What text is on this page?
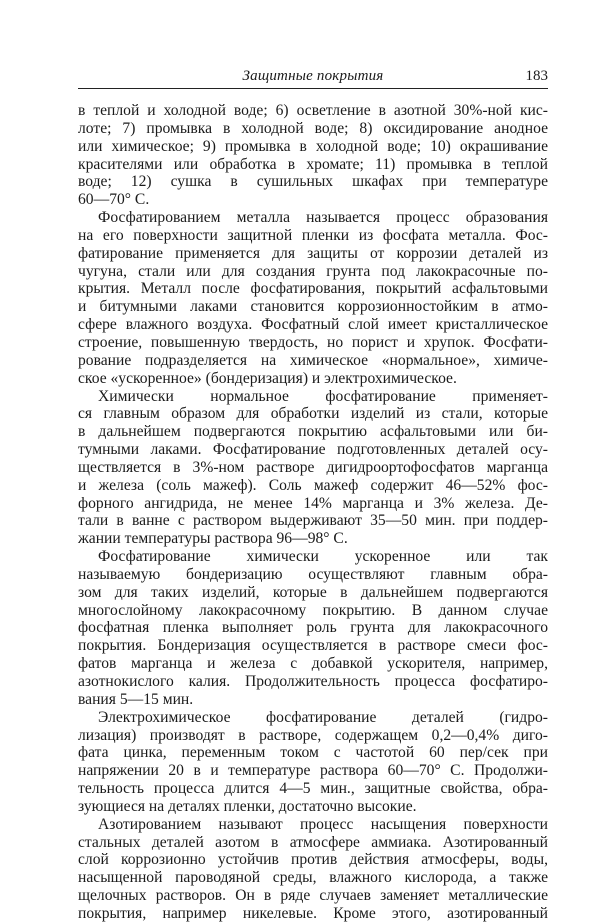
Защитные покрытия	183
в теплой и холодной воде; 6) осветление в азотной 30%-ной кис-
лоте; 7) промывка в холодной воде; 8) оксидирование анодное
или химическое; 9) промывка в холодной воде; 10) окрашивание
красителями или обработка в хромате; 11) промывка в теплой
воде; 12) сушка в сушильных шкафах при температуре
60—70° С.
Фосфатированием металла называется процесс образования
на его поверхности защитной пленки из фосфата металла. Фос-
фатирование применяется для защиты от коррозии деталей из
чугуна, стали или для создания грунта под лакокрасочные по-
крытия. Металл после фосфатирования, покрытий асфальтовыми
и битумными лаками становится коррозионностойким в атмо-
сфере влажного воздуха. Фосфатный слой имеет кристаллическое
строение, повышенную твердость, но порист и хрупок. Фосфати-
рование подразделяется на химическое «нормальное», химиче-
ское «ускоренное» (бондеризация) и электрохимическое.
Химически нормальное фосфатирование применяет-
ся главным образом для обработки изделий из стали, которые
в дальнейшем подвергаются покрытию асфальтовыми или би-
тумными лаками. Фосфатирование подготовленных деталей осу-
ществляется в 3%-ном растворе дигидроортофосфатов марганца
и железа (соль мажеф). Соль мажеф содержит 46—52% фос-
форного ангидрида, не менее 14% марганца и 3% железа. Де-
тали в ванне с раствором выдерживают 35—50 мин. при поддер-
жании температуры раствора 96—98° С.
Фосфатирование химически ускоренное или так
называемую бондеризацию осуществляют главным обра-
зом для таких изделий, которые в дальнейшем подвергаются
многослойному лакокрасочному покрытию. В данном случае
фосфатная пленка выполняет роль грунта для лакокрасочного
покрытия. Бондеризация осуществляется в растворе смеси фос-
фатов марганца и железа с добавкой ускорителя, например,
азотнокислого калия. Продолжительность процесса фосфатиро-
вания 5—15 мин.
Электрохимическое фосфатирование деталей (гидро-
лизация) производят в растворе, содержащем 0,2—0,4% диго-
фата цинка, переменным током с частотой 60 пер/сек при
напряжении 20 в и температуре раствора 60—70° С. Продолжи-
тельность процесса длится 4—5 мин., защитные свойства, обра-
зующиеся на деталях пленки, достаточно высокие.
Азотированием называют процесс насыщения поверхности
стальных деталей азотом в атмосфере аммиака. Азотированный
слой коррозионно устойчив против действия атмосферы, воды,
насыщенной пароводяной среды, влажного кислорода, а также
щелочных растворов. Он в ряде случаев заменяет металлические
покрытия, например никелевые. Кроме этого, азотированный
